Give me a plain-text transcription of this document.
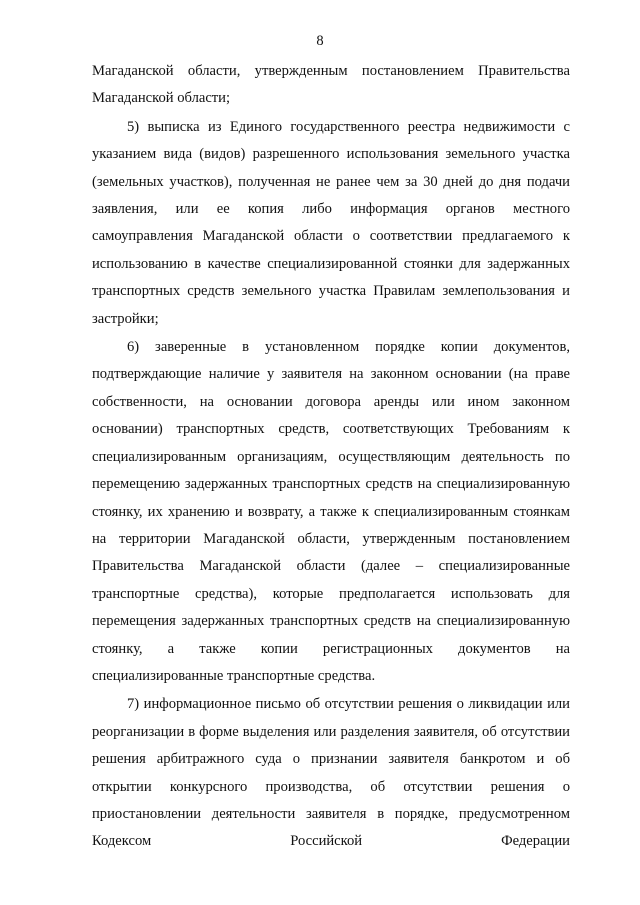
8

Магаданской области, утвержденным постановлением Правительства Магаданской области;

5) выписка из Единого государственного реестра недвижимости с указанием вида (видов) разрешенного использования земельного участка (земельных участков), полученная не ранее чем за 30 дней до дня подачи заявления, или ее копия либо информация органов местного самоуправления Магаданской области о соответствии предлагаемого к использованию в качестве специализированной стоянки для задержанных транспортных средств земельного участка Правилам землепользования и застройки;

6) заверенные в установленном порядке копии документов, подтверждающие наличие у заявителя на законном основании (на праве собственности, на основании договора аренды или ином законном основании) транспортных средств, соответствующих Требованиям к специализированным организациям, осуществляющим деятельность по перемещению задержанных транспортных средств на специализированную стоянку, их хранению и возврату, а также к специализированным стоянкам на территории Магаданской области, утвержденным постановлением Правительства Магаданской области (далее – специализированные транспортные средства), которые предполагается использовать для перемещения задержанных транспортных средств на специализированную стоянку, а также копии регистрационных документов на специализированные транспортные средства.

7) информационное письмо об отсутствии решения о ликвидации или реорганизации в форме выделения или разделения заявителя, об отсутствии решения арбитражного суда о признании заявителя банкротом и об открытии конкурсного производства, об отсутствии решения о приостановлении деятельности заявителя в порядке, предусмотренном Кодексом Российской Федерации
